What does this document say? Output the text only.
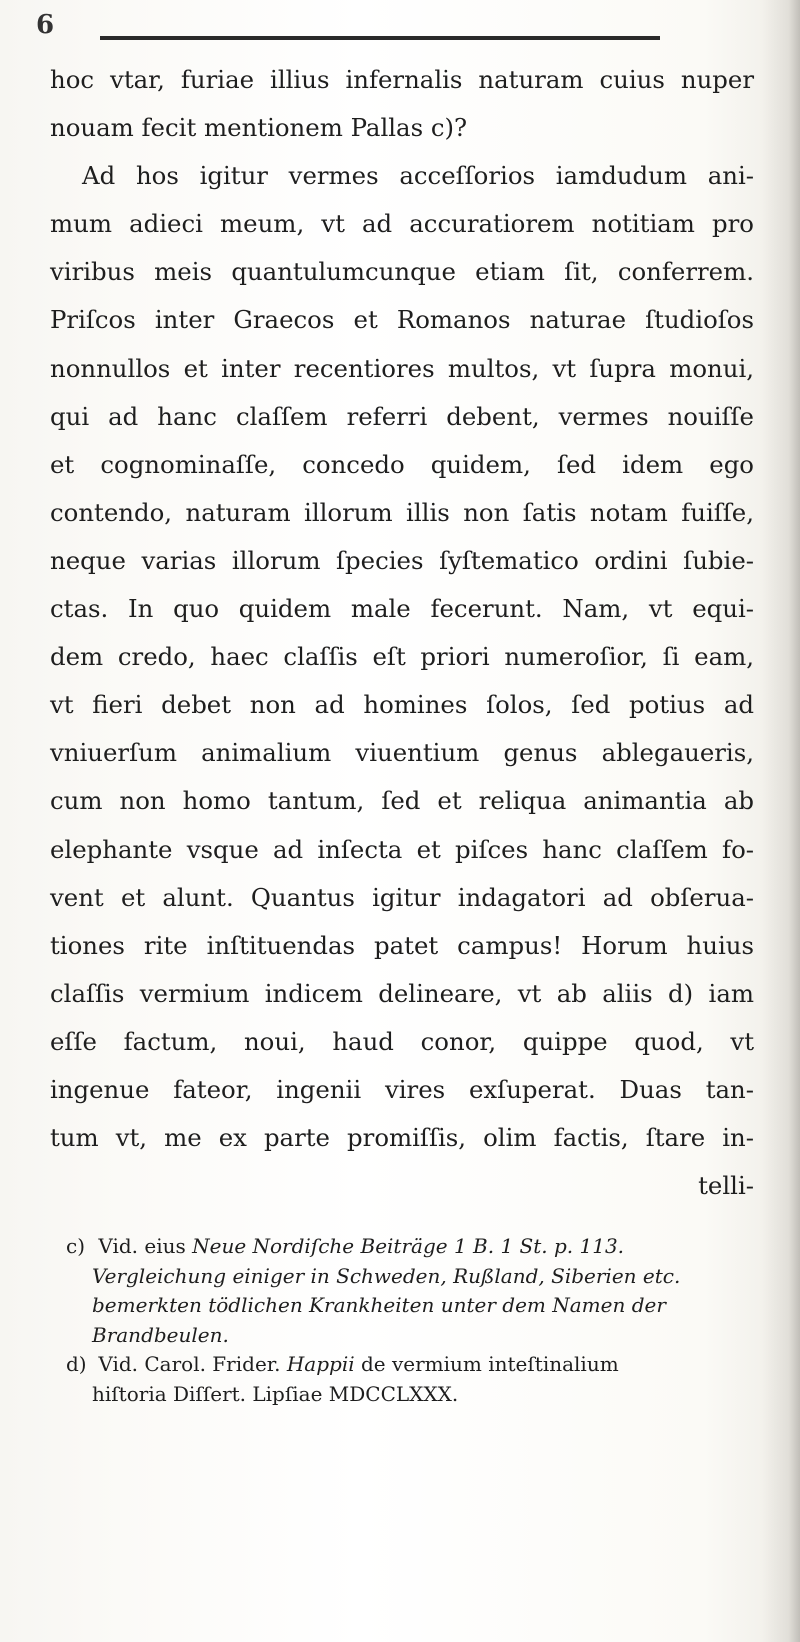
6
hoc vtar, furiae illius infernalis naturam cuius nuper
nouam fecit mentionem Pallas c)?
Ad hos igitur vermes acceſſorios iamdudum ani-
mum adieci meum, vt ad accuratiorem notitiam pro
viribus meis quantulumcunque etiam ſit, conferrem.
Priſcos inter Graecos et Romanos naturae ſtudioſos
nonnullos et inter recentiores multos, vt ſupra monui,
qui ad hanc claſſem referri debent, vermes nouiſſe
et cognominaſſe, concedo quidem, ſed idem ego
contendo, naturam illorum illis non ſatis notam fuiſſe,
neque varias illorum ſpecies ſyſtematico ordini ſubie-
ctas. In quo quidem male fecerunt. Nam, vt equi-
dem credo, haec claſſis eſt priori numeroſior, ſi eam,
vt fieri debet non ad homines ſolos, ſed potius ad
vniuerſum animalium viuentium genus ablegaueris,
cum non homo tantum, ſed et reliqua animantia ab
elephante vsque ad inſecta et piſces hanc claſſem fo-
vent et alunt. Quantus igitur indagatori ad obſerua-
tiones rite inſtituendas patet campus! Horum huius
claſſis vermium indicem delineare, vt ab aliis d) iam
eſſe factum, noui, haud conor, quippe quod, vt
ingenue fateor, ingenii vires exſuperat. Duas tan-
tum vt, me ex parte promiſſis, olim factis, ſtare in-
telli-
c) Vid. eius Neue Nordiſche Beiträge 1 B. 1 St. p. 113.
Vergleichung einiger in Schweden, Rußland, Siberien etc.
bemerkten tödlichen Krankheiten unter dem Namen der
Brandbeulen.
d) Vid. Carol. Frider. Happii de vermium inteſtinalium
hiſtoria Diſſert. Lipſiae MDCCLXXX.
